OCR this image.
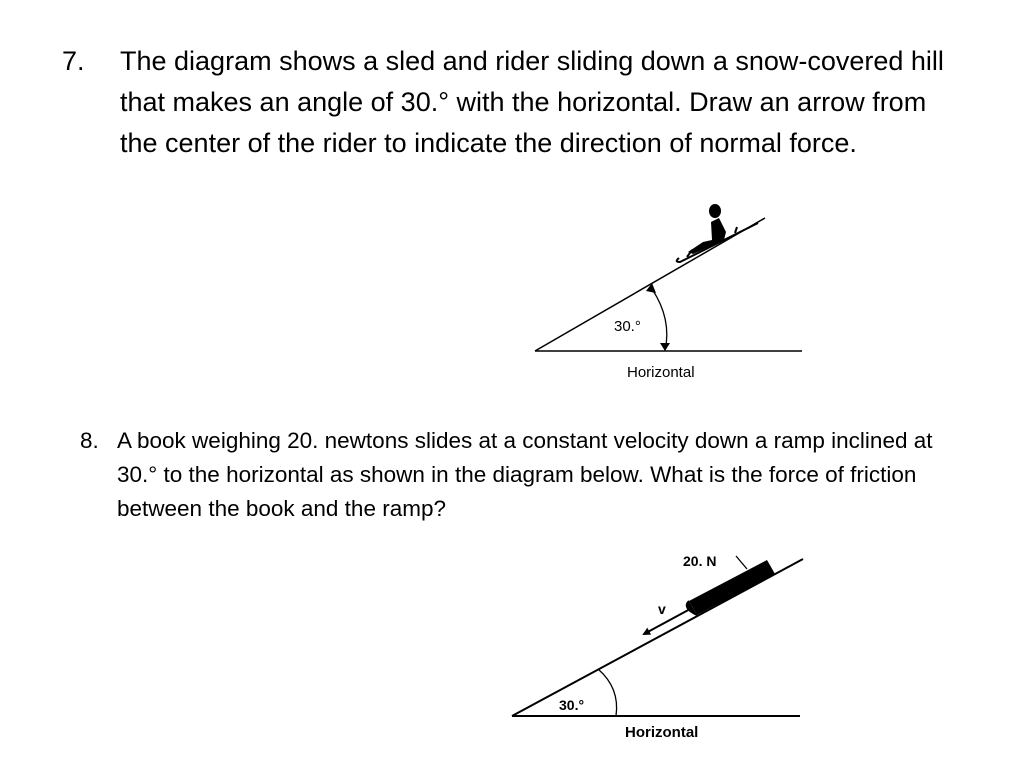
7. The diagram shows a sled and rider sliding down a snow-covered hill that makes an angle of 30.° with the horizontal. Draw an arrow from the center of the rider to indicate the direction of normal force.
8. A book weighing 20. newtons slides at a constant velocity down a ramp inclined at 30.° to the horizontal as shown in the diagram below. What is the force of friction between the book and the ramp?
30.°
Horizontal
20. N
v
30.°
Horizontal
